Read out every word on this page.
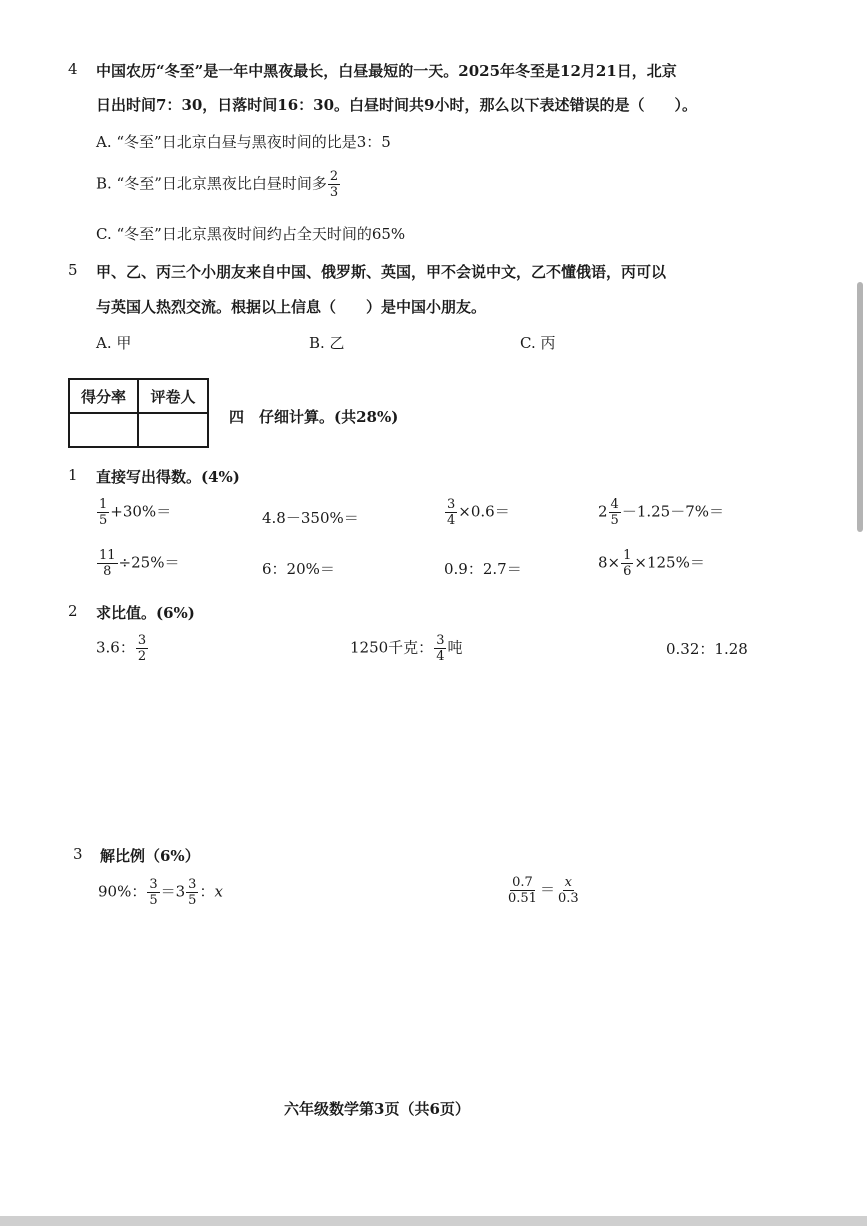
4 中国农历“冬至”是一年中黑夜最长，白昼最短的一天。2025年冬至是12月21日，北京
日出时间7：30，日落时间16：30。白昼时间共9小时，那么以下表述错误的是（　　）。
A. “冬至”日北京白昼与黑夜时间的比是3：5
B. “冬至”日北京黑夜比白昼时间多 $\frac{2}{3}$
C. “冬至”日北京黑夜时间约占全天时间的65%
5 甲、乙、丙三个小朋友来自中国、俄罗斯、英国，甲不会说中文，乙不懂俄语，丙可以
与英国人热烈交流。根据以上信息（　　）是中国小朋友。
A. 甲	B. 乙	C. 丙
得分率	评卷人
四　仔细计算。(共28%)
1 直接写出得数。(4%)
$\frac{1}{5} +30\%=$	4.8－350%＝	$\frac{3}{4} \times 0.6=$	$2 \frac{4}{5} -1.25-7\%=$
$\frac{11}{8} \div 25\%=$	6：20%＝	0.9：2.7＝	$8\times \frac{1}{6} \times 125\%=$
2 求比值。(6%)
3.6： $\frac{3}{2}$	1250千克： $\frac{3}{4}$ 吨	0.32：1.28
3 解比例（6%）
90%： $\frac{3}{5} =3 \frac{3}{5}$ ：x	$\frac{0.7}{0.51} = \frac{x}{0.3}$
六年级数学第3页（共6页）
